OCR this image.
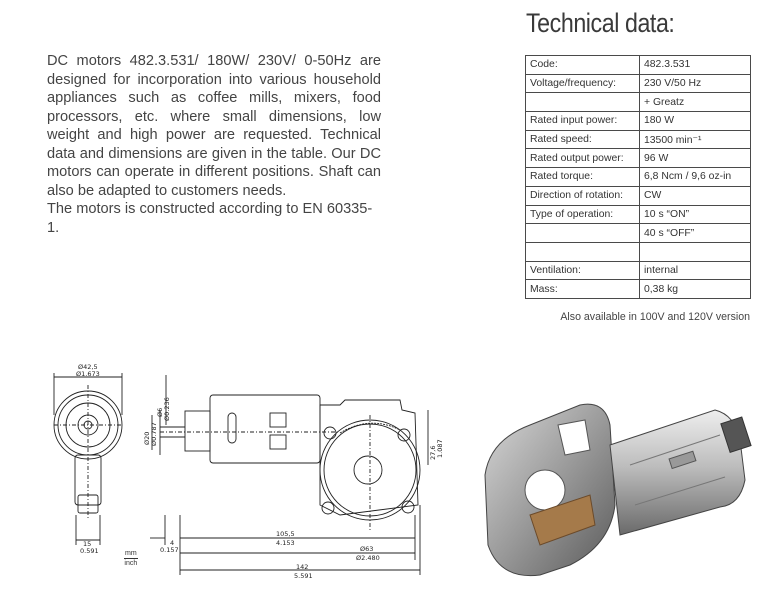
DC motors 482.3.531/ 180W/ 230V/ 0-50Hz are designed for incorporation into various household appliances such as coffee mills, mixers, food processors, etc. where small dimensions, low weight and high power are requested. Technical data and dimensions are given in the table. Our DC motors can operate in different positions. Shaft can also be adapted to customers needs.

The motors is constructed according to EN 60335-1.

Technical data:
Code:	482.3.531
Voltage/frequency:	230 V/50 Hz
	+ Greatz
Rated input power:	180 W
Rated speed:	13500 min⁻¹
Rated output power:	96 W
Rated torque:	6,8 Ncm / 9,6 oz-in
Direction of rotation:	CW
Type of operation:	10 s “ON”
	40 s “OFF”

Ventilation:	internal
Mass:	0,38 kg
Also available in 100V and 120V version
Ø42,5
Ø1.673
15
0.591
4
0.157
105,5
4.153
Ø63
Ø2.480
142
5.591
Ø6 Ø0.236
Ø20 Ø0.787
27,6 1.087
mm
inch
